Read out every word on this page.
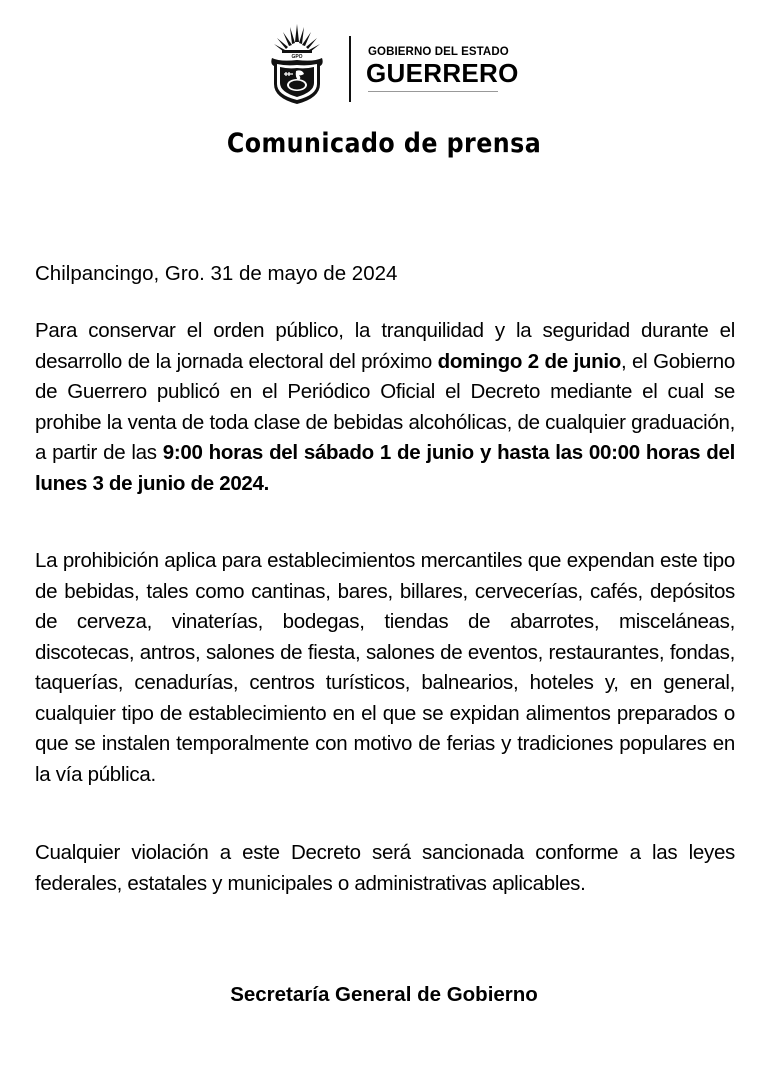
GPO	GOBIERNO DEL ESTADO
GUERRERO
Comunicado de prensa
Chilpancingo, Gro. 31 de mayo de 2024
Para conservar el orden público, la tranquilidad y la seguridad durante el desarrollo de la jornada electoral del próximo domingo 2 de junio, el Gobierno de Guerrero publicó en el Periódico Oficial el Decreto mediante el cual se prohibe la venta de toda clase de bebidas alcohólicas, de cualquier graduación, a partir de las 9:00 horas del sábado 1 de junio y hasta las 00:00 horas del lunes 3 de junio de 2024.
La prohibición aplica para establecimientos mercantiles que expendan este tipo de bebidas, tales como cantinas, bares, billares, cervecerías, cafés, depósitos de cerveza, vinaterías, bodegas, tiendas de abarrotes, misceláneas, discotecas, antros, salones de fiesta, salones de eventos, restaurantes, fondas, taquerías, cenadurías, centros turísticos, balnearios, hoteles y, en general, cualquier tipo de establecimiento en el que se expidan alimentos preparados o que se instalen temporalmente con motivo de ferias y tradiciones populares en la vía pública.
Cualquier violación a este Decreto será sancionada conforme a las leyes federales, estatales y municipales o administrativas aplicables.
Secretaría General de Gobierno
